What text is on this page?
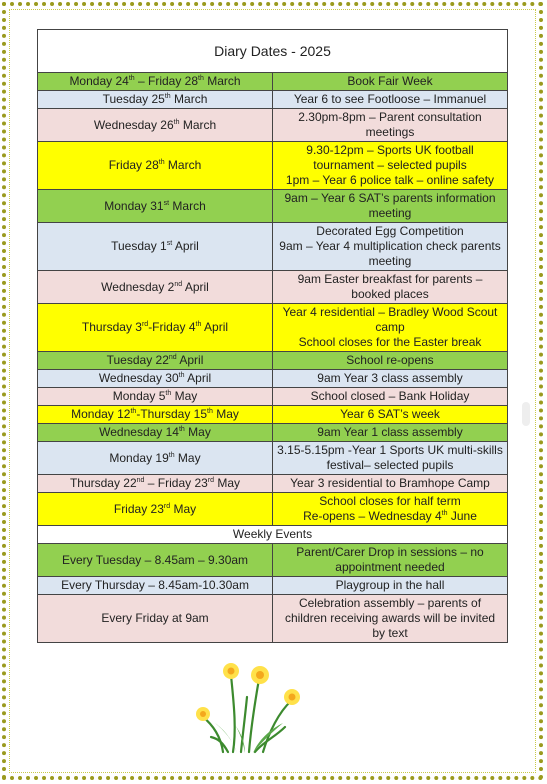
Diary Dates - 2025	
Monday 24th – Friday 28th March	Book Fair Week
Tuesday 25th March	Year 6 to see Footloose – Immanuel
Wednesday 26th March	2.30pm-8pm – Parent consultation meetings
Friday 28th March	9.30-12pm – Sports UK football tournament – selected pupils
1pm – Year 6 police talk – online safety
Monday 31st March	9am – Year 6 SAT’s parents information meeting
Tuesday 1st April	Decorated Egg Competition
9am – Year 4 multiplication check parents meeting
Wednesday 2nd April	9am Easter breakfast for parents – booked places
Thursday 3rd-Friday 4th April	Year 4 residential – Bradley Wood Scout camp
School closes for the Easter break
Tuesday 22nd April	School re-opens
Wednesday 30th April	9am Year 3 class assembly
Monday 5th May	School closed – Bank Holiday
Monday 12th-Thursday 15th May	Year 6 SAT’s week
Wednesday 14th May	9am Year 1 class assembly
Monday 19th May	3.15-5.15pm -Year 1 Sports UK multi-skills festival– selected pupils
Thursday 22nd – Friday 23rd May	Year 3 residential to Bramhope Camp
Friday 23rd May	School closes for half term
Re-opens – Wednesday 4th June
Weekly Events	
Every Tuesday – 8.45am – 9.30am	Parent/Carer Drop in sessions – no appointment needed
Every Thursday – 8.45am-10.30am	Playgroup in the hall
Every Friday at 9am	Celebration assembly – parents of children receiving awards will be invited by text
